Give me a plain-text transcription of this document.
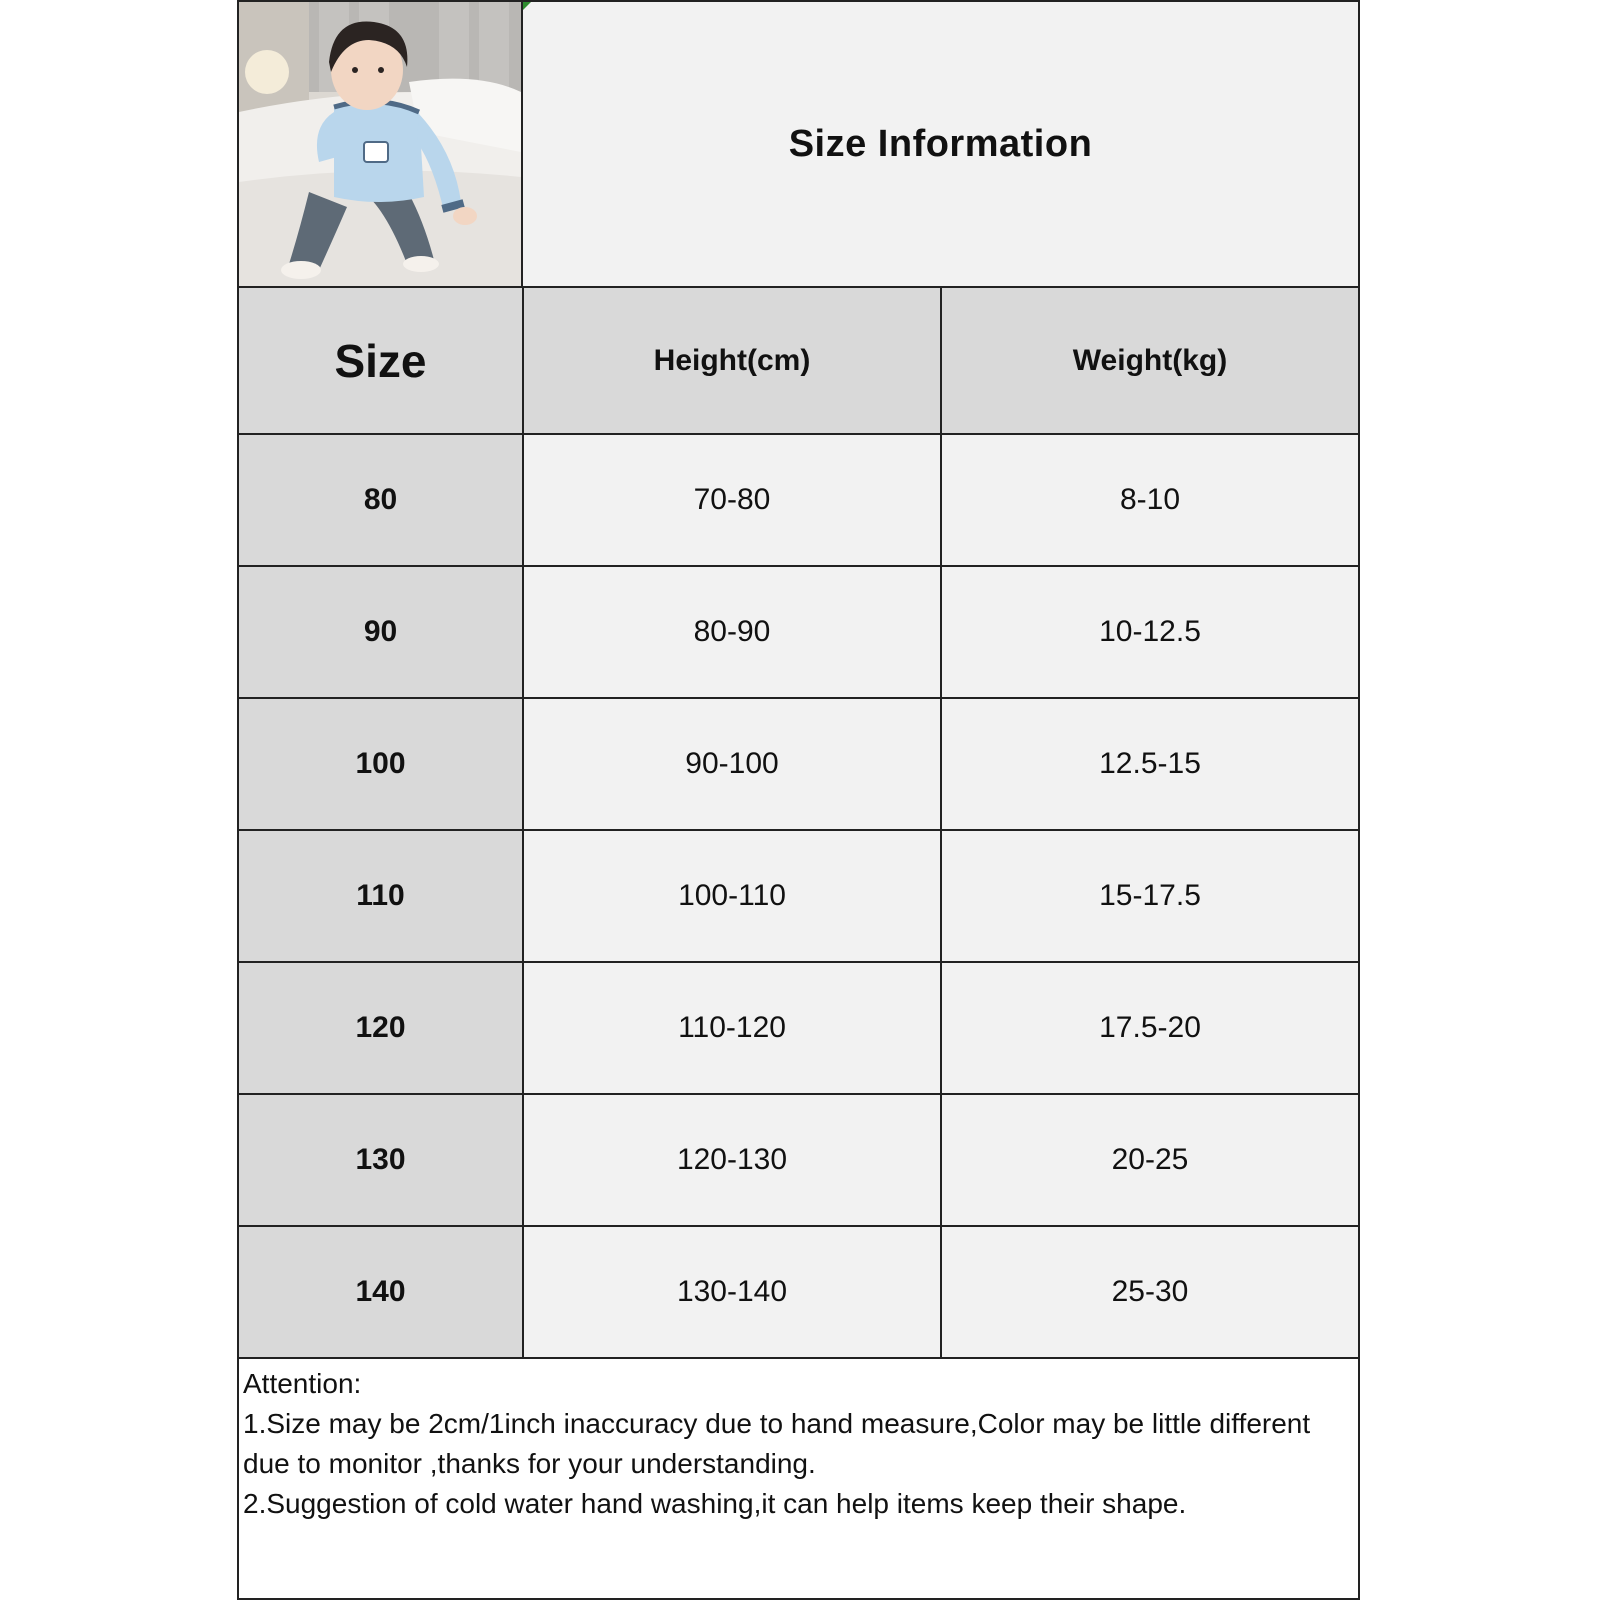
Size Information
Size	Height(cm)	Weight(kg)
80	70-80	8-10
90	80-90	10-12.5
100	90-100	12.5-15
110	100-110	15-17.5
120	110-120	17.5-20
130	120-130	20-25
140	130-140	25-30

Attention:

1.Size may be 2cm/1inch inaccuracy due to hand measure,Color may be little different due to monitor ,thanks for your understanding.

2.Suggestion of cold water hand washing,it can help items keep their shape.
